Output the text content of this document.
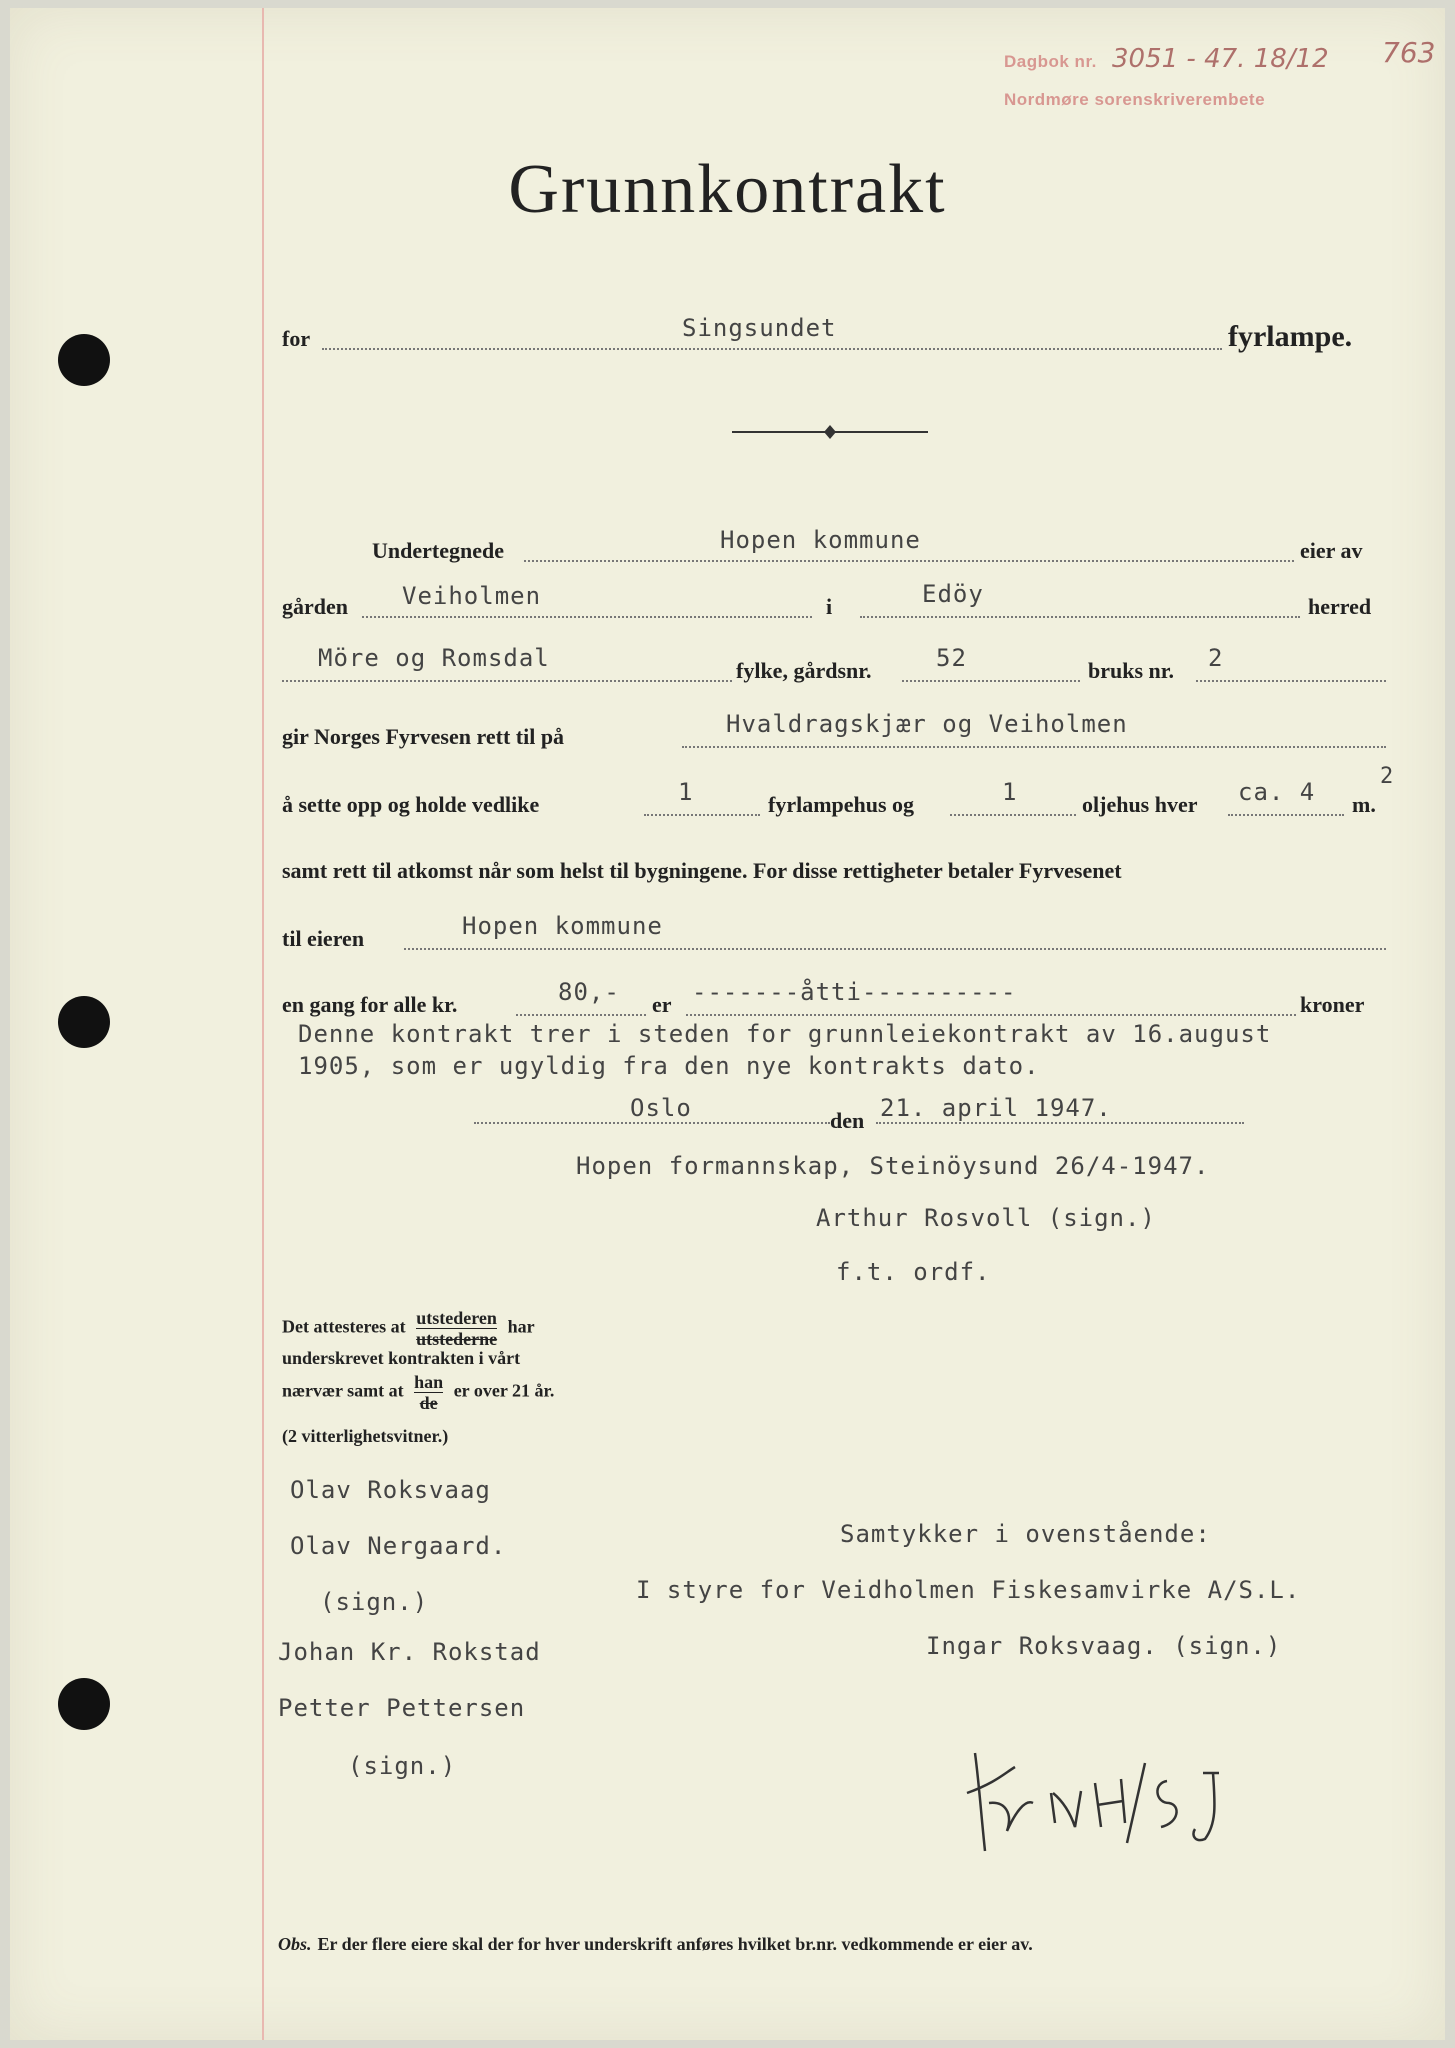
Dagbok nr.
Nordmøre sorenskriverembete
3051 - 47. 18/12 763
Grunnkontrakt
for	Singsundet	fyrlampe.
Undertegnede	Hopen kommune	eier av
gården Veiholmen	i	Edöy	herred
Möre og Romsdal	fylke, gårdsnr.	52	bruks nr. 2
gir Norges Fyrvesen rett til på	Hvaldragskjær og Veiholmen
å sette opp og holde vedlike	1	fyrlampehus og	1	oljehus hver ca. 4 m.
2
samt rett til atkomst når som helst til bygningene. For disse rettigheter betaler Fyrvesenet
til eieren	Hopen kommune
en gang for alle kr.	80,- er -------åtti----------	kroner
Denne kontrakt trer i steden for grunnleiekontrakt av 16.august
1905, som er ugyldig fra den nye kontrakts dato.
Oslo	den 21. april 1947.
Hopen formannskap, Steinöysund 26/4-1947.
Arthur Rosvoll (sign.)
f.t. ordf.
Det attesteres at utstederen
utstederne
har
underskrevet kontrakten i vårt
nærvær samt at han
de
er over 21 år.
(2 vitterlighetsvitner.)
Olav Roksvaag
Olav Nergaard.
(sign.)
Johan Kr. Rokstad
Petter Pettersen
(sign.)
Samtykker i ovenstående:
I styre for Veidholmen Fiskesamvirke A/S.L.
Ingar Roksvaag. (sign.)
Obs. Er der flere eiere skal der for hver underskrift anføres hvilket br.nr. vedkommende er eier av.
